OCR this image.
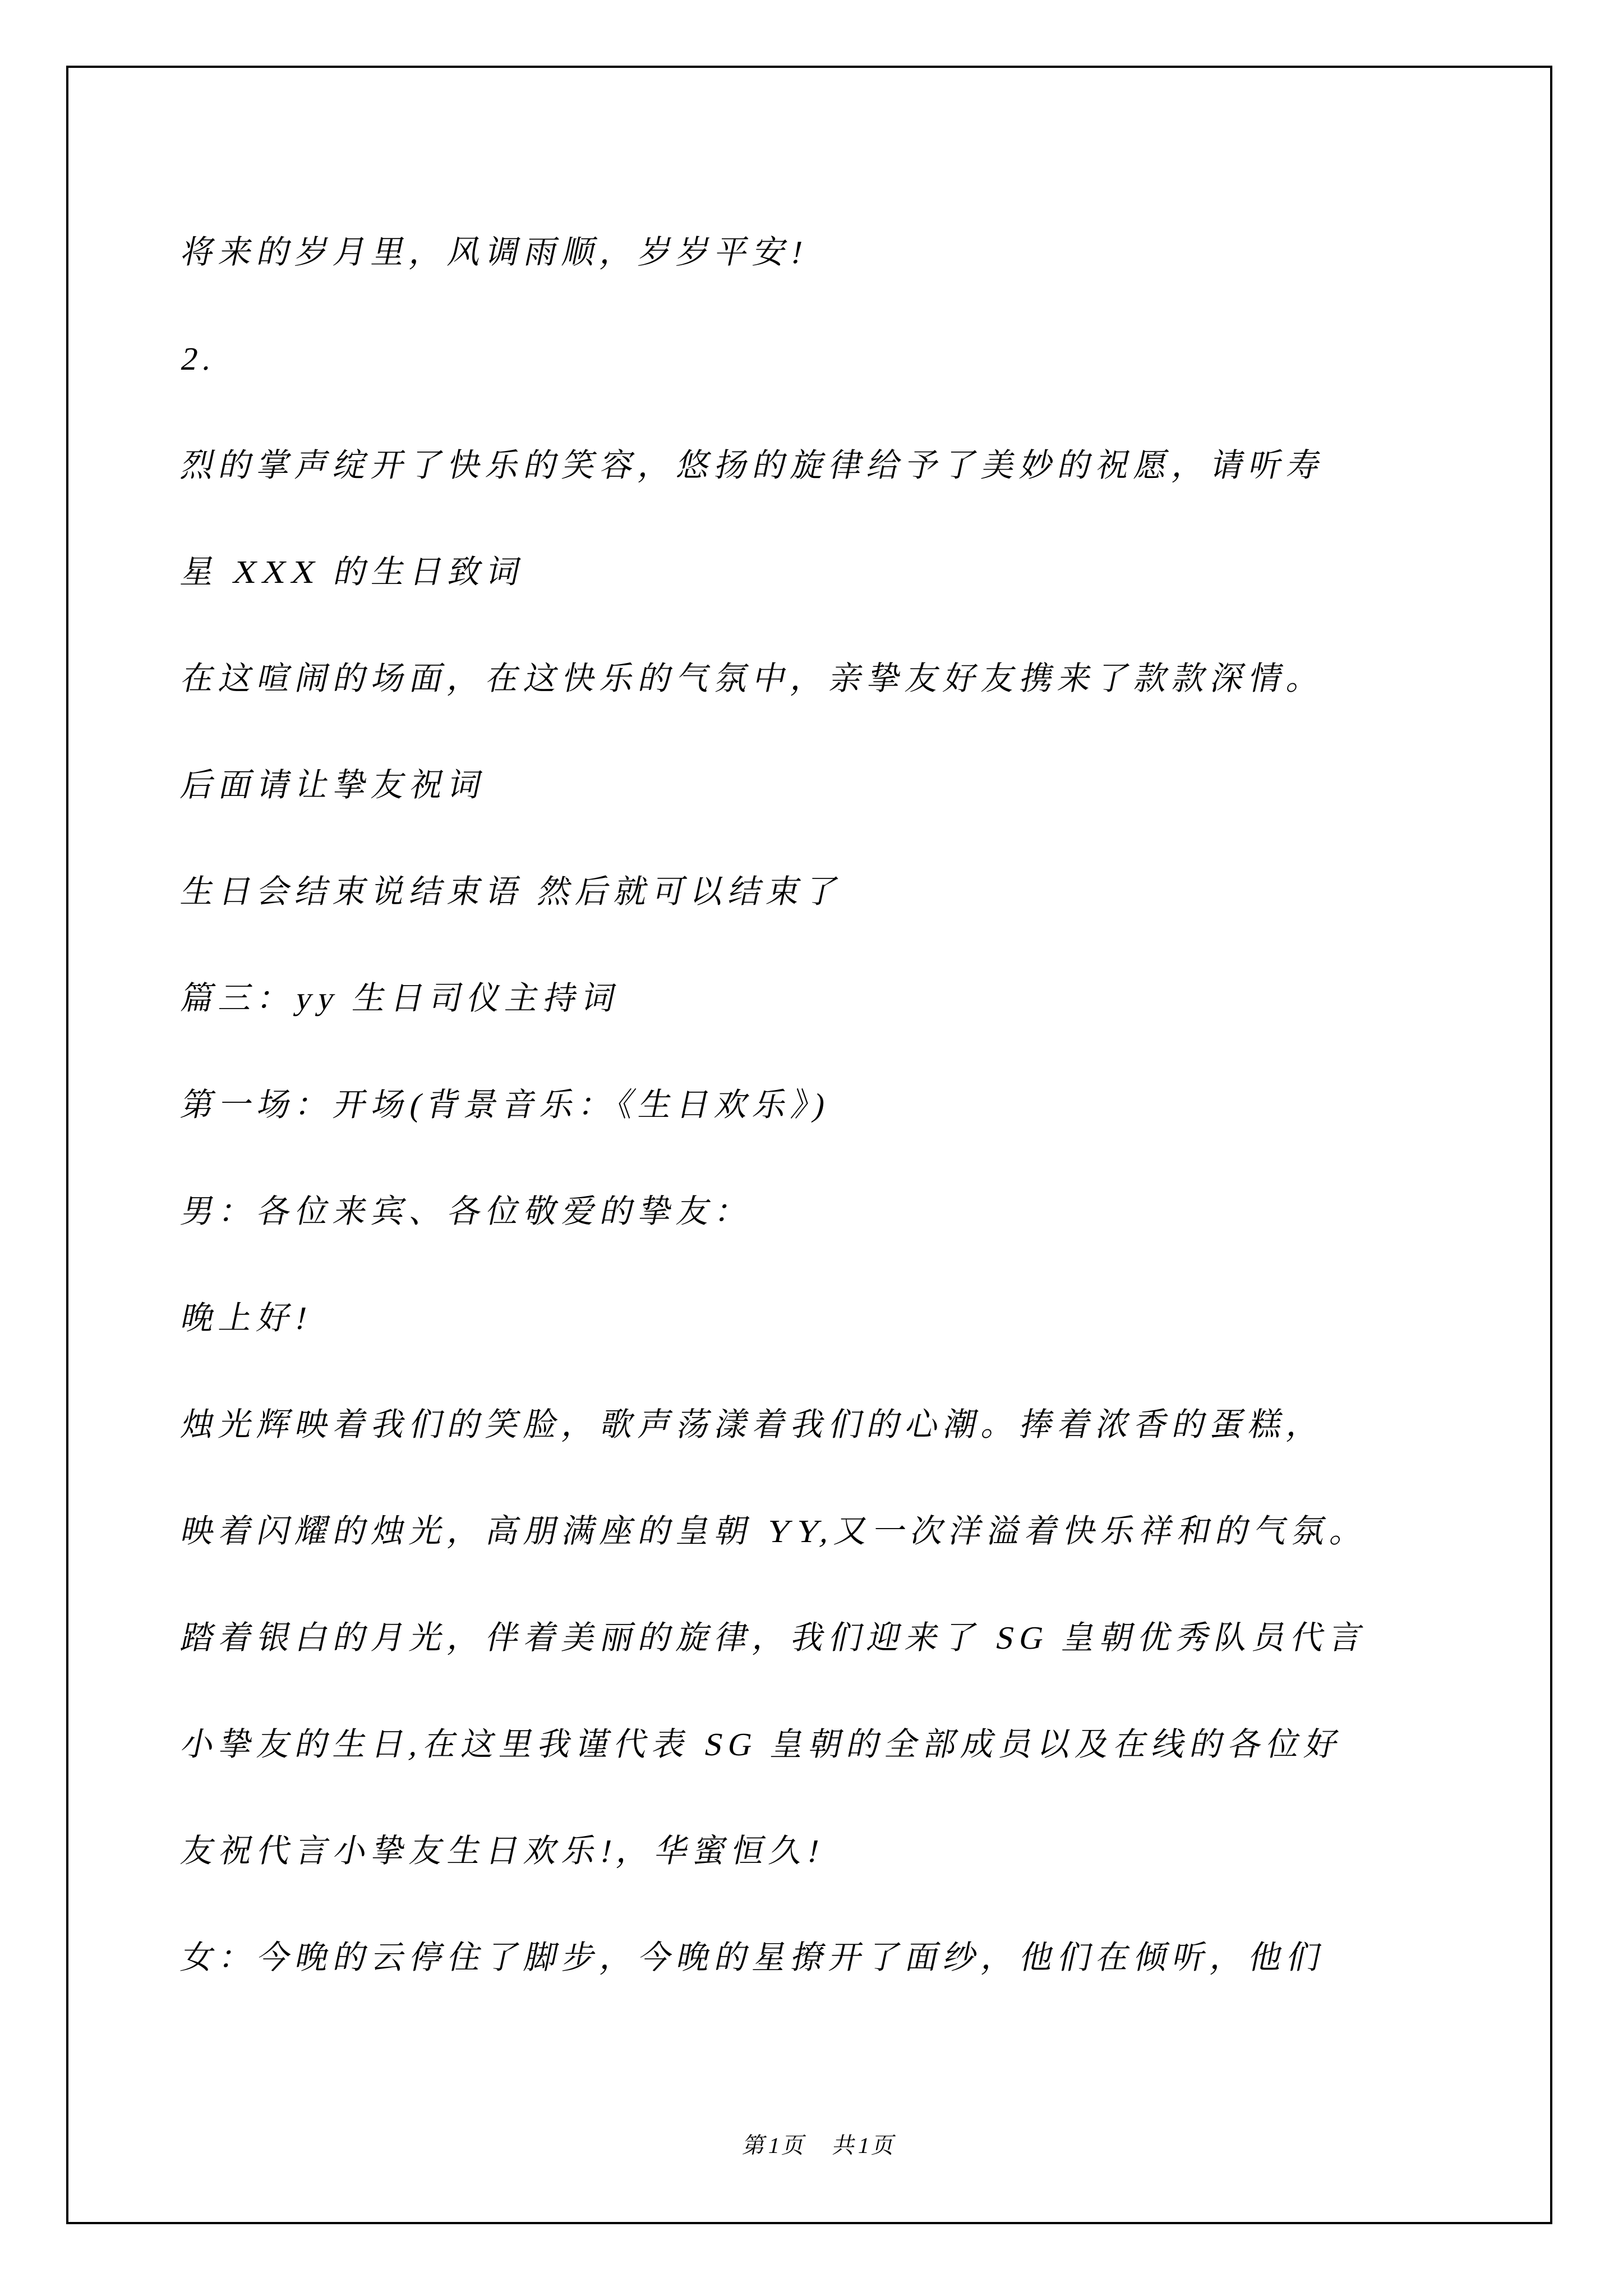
将来的岁月里，风调雨顺，岁岁平安!
2.
烈的掌声绽开了快乐的笑容，悠扬的旋律给予了美妙的祝愿，请听寿
星 XXX 的生日致词
在这喧闹的场面，在这快乐的气氛中，亲挚友好友携来了款款深情。
后面请让挚友祝词
生日会结束说结束语 然后就可以结束了
篇三：yy 生日司仪主持词
第一场：开场(背景音乐：《生日欢乐》)
男：各位来宾、各位敬爱的挚友：
晚上好!
烛光辉映着我们的笑脸，歌声荡漾着我们的心潮。捧着浓香的蛋糕，
映着闪耀的烛光，高朋满座的皇朝 YY,又一次洋溢着快乐祥和的气氛。
踏着银白的月光，伴着美丽的旋律，我们迎来了 SG 皇朝优秀队员代言
小挚友的生日,在这里我谨代表 SG 皇朝的全部成员以及在线的各位好
友祝代言小挚友生日欢乐!，华蜜恒久!
女：今晚的云停住了脚步，今晚的星撩开了面纱，他们在倾听，他们
第1页　共1页
